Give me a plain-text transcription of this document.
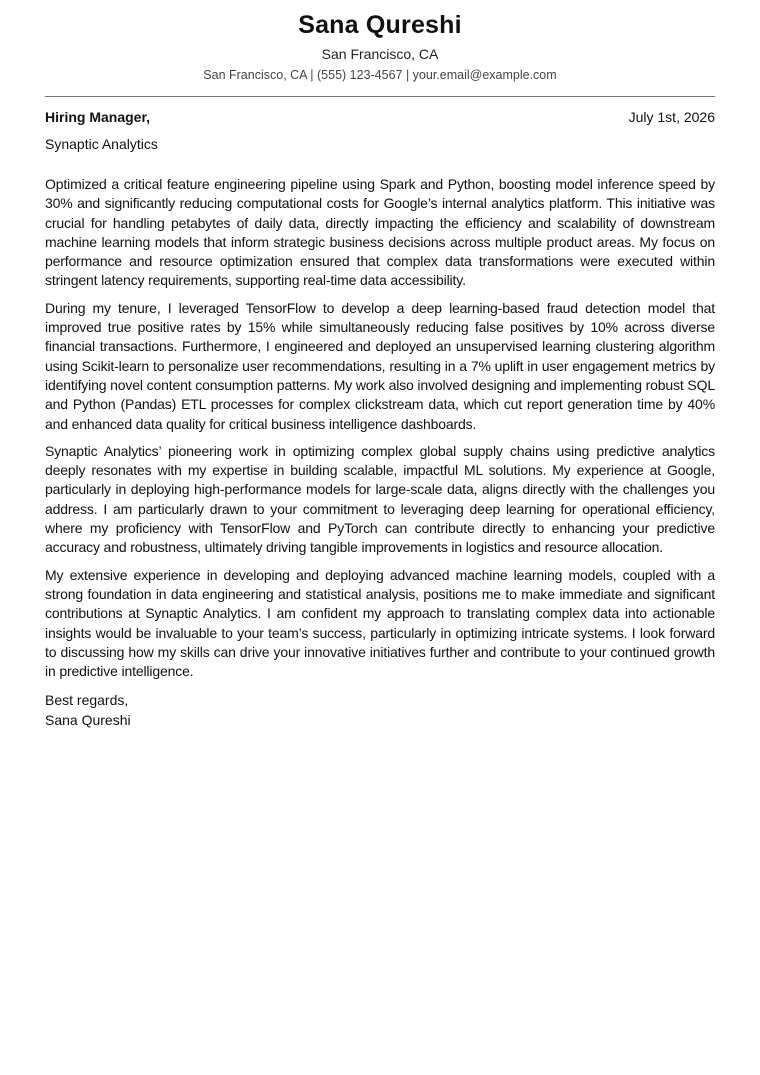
Sana Qureshi
San Francisco, CA
San Francisco, CA | (555) 123-4567 | your.email@example.com
Hiring Manager,	July 1st, 2026
Synaptic Analytics

Optimized a critical feature engineering pipeline using Spark and Python, boosting model inference speed by 30% and significantly reducing computational costs for Google’s internal analytics platform. This initiative was crucial for handling petabytes of daily data, directly impacting the efficiency and scalability of downstream machine learning models that inform strategic business decisions across multiple product areas. My focus on performance and resource optimization ensured that complex data transformations were executed within stringent latency requirements, supporting real-time data accessibility.

During my tenure, I leveraged TensorFlow to develop a deep learning-based fraud detection model that improved true positive rates by 15% while simultaneously reducing false positives by 10% across diverse financial transactions. Furthermore, I engineered and deployed an unsupervised learning clustering algorithm using Scikit-learn to personalize user recommendations, resulting in a 7% uplift in user engagement metrics by identifying novel content consumption patterns. My work also involved designing and implementing robust SQL and Python (Pandas) ETL processes for complex clickstream data, which cut report generation time by 40% and enhanced data quality for critical business intelligence dashboards.

Synaptic Analytics’ pioneering work in optimizing complex global supply chains using predictive analytics deeply resonates with my expertise in building scalable, impactful ML solutions. My experience at Google, particularly in deploying high-performance models for large-scale data, aligns directly with the challenges you address. I am particularly drawn to your commitment to leveraging deep learning for operational efficiency, where my proficiency with TensorFlow and PyTorch can contribute directly to enhancing your predictive accuracy and robustness, ultimately driving tangible improvements in logistics and resource allocation.

My extensive experience in developing and deploying advanced machine learning models, coupled with a strong foundation in data engineering and statistical analysis, positions me to make immediate and significant contributions at Synaptic Analytics. I am confident my approach to translating complex data into actionable insights would be invaluable to your team’s success, particularly in optimizing intricate systems. I look forward to discussing how my skills can drive your innovative initiatives further and contribute to your continued growth in predictive intelligence.

Best regards,
Sana Qureshi
